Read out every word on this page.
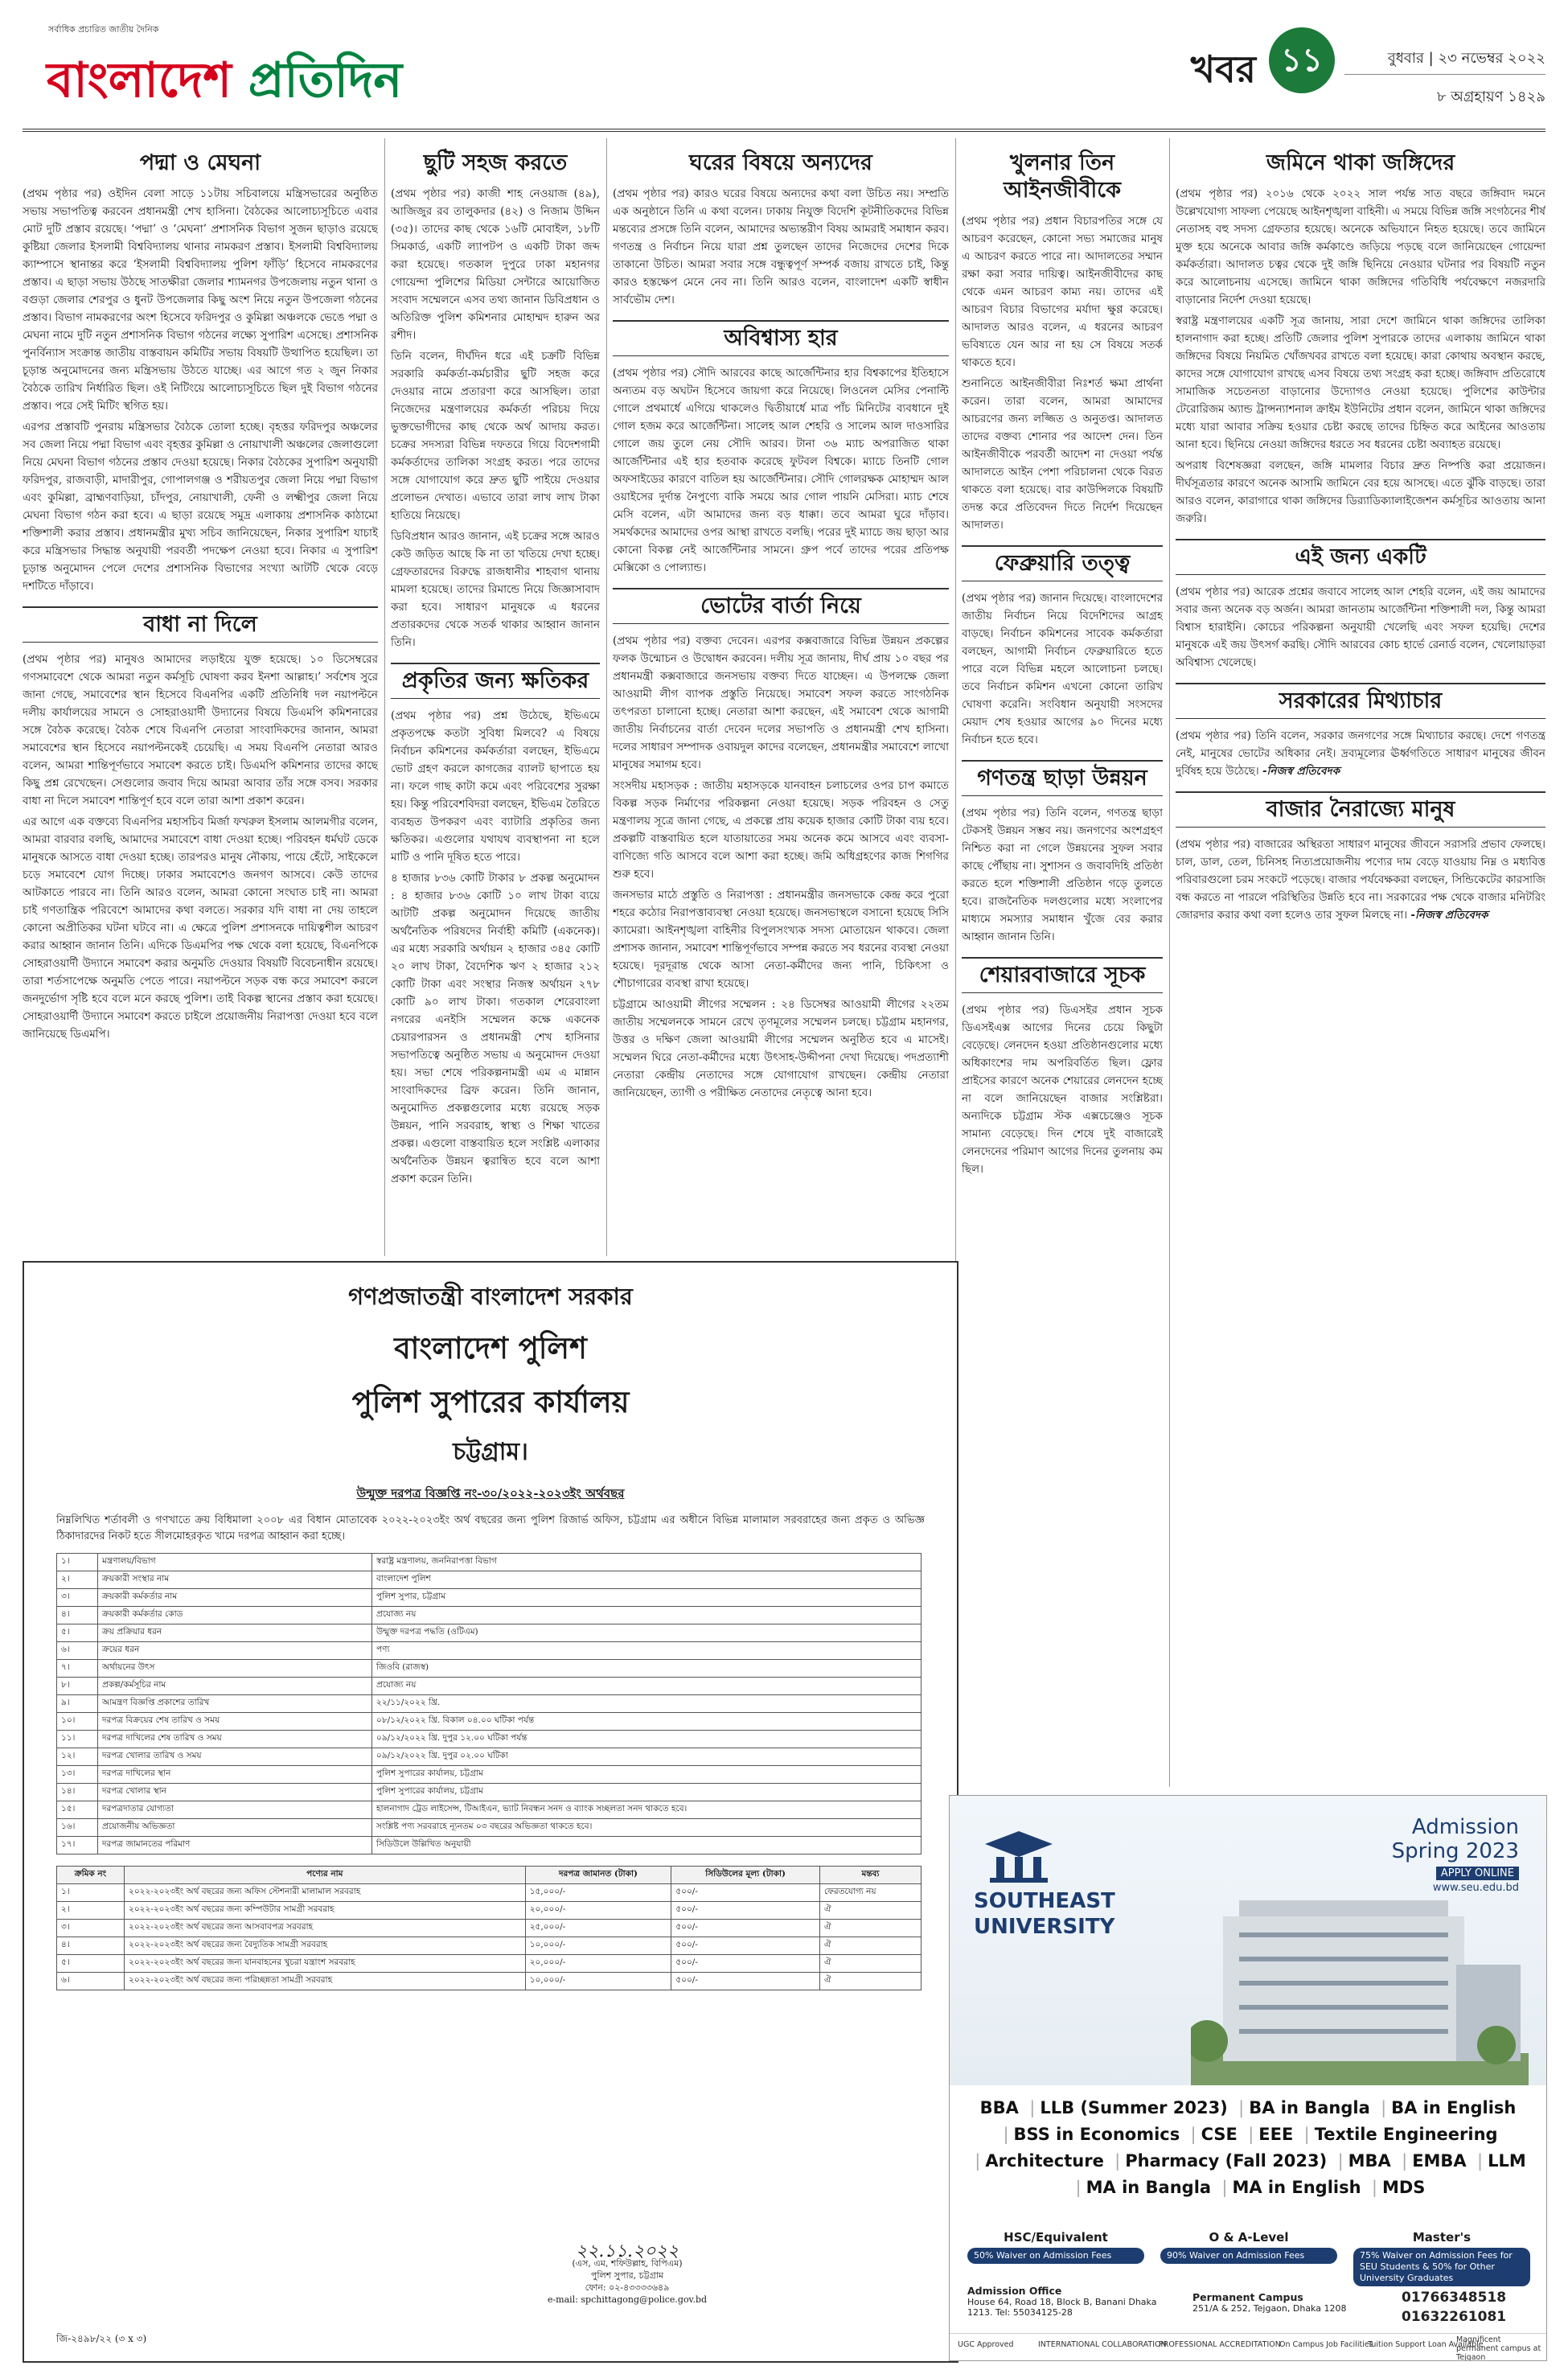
সর্বাধিক প্রচারিত জাতীয় দৈনিক
বাংলাদেশ প্রতিদিন	খবর ১১	বুধবার | ২৩ নভেম্বর ২০২২
৮ অগ্রহায়ণ ১৪২৯
পদ্মা ও মেঘনা

(প্রথম পৃষ্ঠার পর) ওইদিন বেলা সাড়ে ১১টায় সচিবালয়ে মন্ত্রিসভারের অনুষ্ঠিত সভায় সভাপতিত্ব করবেন প্রধানমন্ত্রী শেখ হাসিনা। বৈঠকের আলোচ্যসূচিতে এবার মোট দুটি প্রস্তাব রয়েছে। ‘পদ্মা’ ও ‘মেঘনা’ প্রশাসনিক বিভাগ সুজন ছাড়াও রয়েছে কুষ্টিয়া জেলার ইসলামী বিশ্ববিদ্যালয় থানার নামকরণ প্রস্তাব। ইসলামী বিশ্ববিদ্যালয় ক্যাম্পাসে স্থানান্তর করে ‘ইসলামী বিশ্ববিদ্যালয় পুলিশ ফাঁড়ি’ হিসেবে নামকরণের প্রস্তাব। এ ছাড়া সভায় উঠছে সাতক্ষীরা জেলার শ্যামনগর উপজেলায় নতুন থানা ও বগুড়া জেলার শেরপুর ও ধুনট উপজেলার কিছু অংশ নিয়ে নতুন উপজেলা গঠনের প্রস্তাব। বিভাগ নামকরণের অংশ হিসেবে ফরিদপুর ও কুমিল্লা অঞ্চলকে ভেঙে পদ্মা ও মেঘনা নামে দুটি নতুন প্রশাসনিক বিভাগ গঠনের লক্ষ্যে সুপারিশ এসেছে। প্রশাসনিক পুনর্বিন্যাস সংক্রান্ত জাতীয় বাস্তবায়ন কমিটির সভায় বিষয়টি উত্থাপিত হয়েছিল। তা চূড়ান্ত অনুমোদনের জন্য মন্ত্রিসভায় উঠতে যাচ্ছে। এর আগে গত ২ জুন নিকার বৈঠকে তারিখ নির্ধারিত ছিল। ওই নিটিংয়ে আলোচ্যসূচিতে ছিল দুই বিভাগ গঠনের প্রস্তাব। পরে সেই মিটিং স্থগিত হয়।

এরপর প্রস্তাবটি পুনরায় মন্ত্রিসভার বৈঠকে তোলা হচ্ছে। বৃহত্তর ফরিদপুর অঞ্চলের সব জেলা নিয়ে পদ্মা বিভাগ এবং বৃহত্তর কুমিল্লা ও নোয়াখালী অঞ্চলের জেলাগুলো নিয়ে মেঘনা বিভাগ গঠনের প্রস্তাব দেওয়া হয়েছে। নিকার বৈঠকের সুপারিশ অনুযায়ী ফরিদপুর, রাজবাড়ী, মাদারীপুর, গোপালগঞ্জ ও শরীয়তপুর জেলা নিয়ে পদ্মা বিভাগ এবং কুমিল্লা, ব্রাহ্মণবাড়িয়া, চাঁদপুর, নোয়াখালী, ফেনী ও লক্ষ্মীপুর জেলা নিয়ে মেঘনা বিভাগ গঠন করা হবে। এ ছাড়া রয়েছে সমুদ্র এলাকায় প্রশাসনিক কাঠামো শক্তিশালী করার প্রস্তাব। প্রধানমন্ত্রীর মুখ্য সচিব জানিয়েছেন, নিকার সুপারিশ যাচাই করে মন্ত্রিসভার সিদ্ধান্ত অনুযায়ী পরবর্তী পদক্ষেপ নেওয়া হবে। নিকার এ সুপারিশ চূড়ান্ত অনুমোদন পেলে দেশের প্রশাসনিক বিভাগের সংখ্যা আটটি থেকে বেড়ে দশটিতে দাঁড়াবে।

বাধা না দিলে

(প্রথম পৃষ্ঠার পর) মানুষও আমাদের লড়াইয়ে যুক্ত হয়েছে। ১০ ডিসেম্বরের গণসমাবেশে থেকে আমরা নতুন কর্মসূচি ঘোষণা করব ইনশা আল্লাহ।’ সর্বশেষ সুরে জানা গেছে, সমাবেশের স্থান হিসেবে বিএনপির একটি প্রতিনিধি দল নয়াপল্টনে দলীয় কার্যালয়ের সামনে ও সোহরাওয়ার্দী উদ্যানের বিষয়ে ডিএমপি কমিশনারের সঙ্গে বৈঠক করেছে। বৈঠক শেষে বিএনপি নেতারা সাংবাদিকদের জানান, আমরা সমাবেশের স্থান হিসেবে নয়াপল্টনকেই চেয়েছি। এ সময় বিএনপি নেতারা আরও বলেন, আমরা শান্তিপূর্ণভাবে সমাবেশ করতে চাই। ডিএমপি কমিশনার তাদের কাছে কিছু প্রশ্ন রেখেছেন। সেগুলোর জবাব দিয়ে আমরা আবার তাঁর সঙ্গে বসব। সরকার বাধা না দিলে সমাবেশ শান্তিপূর্ণ হবে বলে তারা আশা প্রকাশ করেন।

এর আগে এক বক্তব্যে বিএনপির মহাসচিব মির্জা ফখরুল ইসলাম আলমগীর বলেন, আমরা বারবার বলছি, আমাদের সমাবেশে বাধা দেওয়া হচ্ছে। পরিবহন ধর্মঘট ডেকে মানুষকে আসতে বাধা দেওয়া হচ্ছে। তারপরও মানুষ নৌকায়, পায়ে হেঁটে, সাইকেলে চড়ে সমাবেশে যোগ দিচ্ছে। ঢাকার সমাবেশেও জনগণ আসবে। কেউ তাদের আটকাতে পারবে না। তিনি আরও বলেন, আমরা কোনো সংঘাত চাই না। আমরা চাই গণতান্ত্রিক পরিবেশে আমাদের কথা বলতে। সরকার যদি বাধা না দেয় তাহলে কোনো অপ্রীতিকর ঘটনা ঘটবে না। এ ক্ষেত্রে পুলিশ প্রশাসনকে দায়িত্বশীল আচরণ করার আহ্বান জানান তিনি। এদিকে ডিএমপির পক্ষ থেকে বলা হয়েছে, বিএনপিকে সোহরাওয়ার্দী উদ্যানে সমাবেশ করার অনুমতি দেওয়ার বিষয়টি বিবেচনাধীন রয়েছে। তারা শর্তসাপেক্ষে অনুমতি পেতে পারে। নয়াপল্টনে সড়ক বন্ধ করে সমাবেশ করলে জনদুর্ভোগ সৃষ্টি হবে বলে মনে করছে পুলিশ। তাই বিকল্প স্থানের প্রস্তাব করা হয়েছে। সোহরাওয়ার্দী উদ্যানে সমাবেশ করতে চাইলে প্রয়োজনীয় নিরাপত্তা দেওয়া হবে বলে জানিয়েছে ডিএমপি।

ছুটি সহজ করতে

(প্রথম পৃষ্ঠার পর) কাজী শাহ নেওয়াজ (৪৯), আজিজুর রব তালুকদার (৪২) ও নিজাম উদ্দিন (৩৫)। তাদের কাছ থেকে ১৬টি মোবাইল, ১৮টি সিমকার্ড, একটি ল্যাপটপ ও একটি টাকা জব্দ করা হয়েছে। গতকাল দুপুরে ঢাকা মহানগর গোয়েন্দা পুলিশের মিডিয়া সেন্টারে আয়োজিত সংবাদ সম্মেলনে এসব তথ্য জানান ডিবিপ্রধান ও অতিরিক্ত পুলিশ কমিশনার মোহাম্মদ হারুন অর রশীদ।

তিনি বলেন, দীর্ঘদিন ধরে এই চক্রটি বিভিন্ন সরকারি কর্মকর্তা-কর্মচারীর ছুটি সহজ করে দেওয়ার নামে প্রতারণা করে আসছিল। তারা নিজেদের মন্ত্রণালয়ের কর্মকর্তা পরিচয় দিয়ে ভুক্তভোগীদের কাছ থেকে অর্থ আদায় করত। চক্রের সদস্যরা বিভিন্ন দফতরে গিয়ে বিদেশগামী কর্মকর্তাদের তালিকা সংগ্রহ করত। পরে তাদের সঙ্গে যোগাযোগ করে দ্রুত ছুটি পাইয়ে দেওয়ার প্রলোভন দেখাত। এভাবে তারা লাখ লাখ টাকা হাতিয়ে নিয়েছে।

ডিবিপ্রধান আরও জানান, এই চক্রের সঙ্গে আরও কেউ জড়িত আছে কি না তা খতিয়ে দেখা হচ্ছে। গ্রেফতারদের বিরুদ্ধে রাজধানীর শাহবাগ থানায় মামলা হয়েছে। তাদের রিমান্ডে নিয়ে জিজ্ঞাসাবাদ করা হবে। সাধারণ মানুষকে এ ধরনের প্রতারকদের থেকে সতর্ক থাকার আহ্বান জানান তিনি।

প্রকৃতির জন্য ক্ষতিকর

(প্রথম পৃষ্ঠার পর) প্রশ্ন উঠেছে, ইভিএমে প্রকৃতপক্ষে কতটা সুবিধা মিলবে? এ বিষয়ে নির্বাচন কমিশনের কর্মকর্তারা বলছেন, ইভিএমে ভোট গ্রহণ করলে কাগজের ব্যালট ছাপাতে হয় না। ফলে গাছ কাটা কমে এবং পরিবেশের সুরক্ষা হয়। কিন্তু পরিবেশবিদরা বলছেন, ইভিএম তৈরিতে ব্যবহৃত উপকরণ এবং ব্যাটারি প্রকৃতির জন্য ক্ষতিকর। এগুলোর যথাযথ ব্যবস্থাপনা না হলে মাটি ও পানি দূষিত হতে পারে।

৪ হাজার ৮৩৬ কোটি টাকার ৮ প্রকল্প অনুমোদন : ৪ হাজার ৮৩৬ কোটি ১০ লাখ টাকা ব্যয়ে আটটি প্রকল্প অনুমোদন দিয়েছে জাতীয় অর্থনৈতিক পরিষদের নির্বাহী কমিটি (একনেক)। এর মধ্যে সরকারি অর্থায়ন ২ হাজার ৩৪৫ কোটি ২০ লাখ টাকা, বৈদেশিক ঋণ ২ হাজার ২১২ কোটি টাকা এবং সংস্থার নিজস্ব অর্থায়ন ২৭৮ কোটি ৯০ লাখ টাকা। গতকাল শেরেবাংলা নগরের এনইসি সম্মেলন কক্ষে একনেক চেয়ারপারসন ও প্রধানমন্ত্রী শেখ হাসিনার সভাপতিত্বে অনুষ্ঠিত সভায় এ অনুমোদন দেওয়া হয়। সভা শেষে পরিকল্পনামন্ত্রী এম এ মান্নান সাংবাদিকদের ব্রিফ করেন। তিনি জানান, অনুমোদিত প্রকল্পগুলোর মধ্যে রয়েছে সড়ক উন্নয়ন, পানি সরবরাহ, স্বাস্থ্য ও শিক্ষা খাতের প্রকল্প। এগুলো বাস্তবায়িত হলে সংশ্লিষ্ট এলাকার অর্থনৈতিক উন্নয়ন ত্বরান্বিত হবে বলে আশা প্রকাশ করেন তিনি।

ঘরের বিষয়ে অন্যদের

(প্রথম পৃষ্ঠার পর) কারও ঘরের বিষয়ে অন্যদের কথা বলা উচিত নয়। সম্প্রতি এক অনুষ্ঠানে তিনি এ কথা বলেন। ঢাকায় নিযুক্ত বিদেশি কূটনীতিকদের বিভিন্ন মন্তব্যের প্রসঙ্গে তিনি বলেন, আমাদের অভ্যন্তরীণ বিষয় আমরাই সমাধান করব। গণতন্ত্র ও নির্বাচন নিয়ে যারা প্রশ্ন তুলছেন তাদের নিজেদের দেশের দিকে তাকানো উচিত। আমরা সবার সঙ্গে বন্ধুত্বপূর্ণ সম্পর্ক বজায় রাখতে চাই, কিন্তু কারও হস্তক্ষেপ মেনে নেব না। তিনি আরও বলেন, বাংলাদেশ একটি স্বাধীন সার্বভৌম দেশ।

অবিশ্বাস্য হার

(প্রথম পৃষ্ঠার পর) সৌদি আরবের কাছে আর্জেন্টিনার হার বিশ্বকাপের ইতিহাসে অন্যতম বড় অঘটন হিসেবে জায়গা করে নিয়েছে। লিওনেল মেসির পেনাল্টি গোলে প্রথমার্ধে এগিয়ে থাকলেও দ্বিতীয়ার্ধে মাত্র পাঁচ মিনিটের ব্যবধানে দুই গোল হজম করে আর্জেন্টিনা। সালেহ আল শেহরি ও সালেম আল দাওসারির গোলে জয় তুলে নেয় সৌদি আরব। টানা ৩৬ ম্যাচ অপরাজিত থাকা আর্জেন্টিনার এই হার হতবাক করেছে ফুটবল বিশ্বকে। ম্যাচে তিনটি গোল অফসাইডের কারণে বাতিল হয় আর্জেন্টিনার। সৌদি গোলরক্ষক মোহাম্মদ আল ওয়াইসের দুর্দান্ত নৈপুণ্যে বাকি সময়ে আর গোল পায়নি মেসিরা। ম্যাচ শেষে মেসি বলেন, এটা আমাদের জন্য বড় ধাক্কা। তবে আমরা ঘুরে দাঁড়াব। সমর্থকদের আমাদের ওপর আস্থা রাখতে বলছি। পরের দুই ম্যাচে জয় ছাড়া আর কোনো বিকল্প নেই আর্জেন্টিনার সামনে। গ্রুপ পর্বে তাদের পরের প্রতিপক্ষ মেক্সিকো ও পোল্যান্ড।

ভোটের বার্তা নিয়ে

(প্রথম পৃষ্ঠার পর) বক্তব্য দেবেন। এরপর কক্সবাজারে বিভিন্ন উন্নয়ন প্রকল্পের ফলক উন্মোচন ও উদ্বোধন করবেন। দলীয় সূত্র জানায়, দীর্ঘ প্রায় ১০ বছর পর প্রধানমন্ত্রী কক্সবাজারে জনসভায় বক্তব্য দিতে যাচ্ছেন। এ উপলক্ষে জেলা আওয়ামী লীগ ব্যাপক প্রস্তুতি নিয়েছে। সমাবেশ সফল করতে সাংগঠনিক তৎপরতা চালানো হচ্ছে। নেতারা আশা করছেন, এই সমাবেশ থেকে আগামী জাতীয় নির্বাচনের বার্তা দেবেন দলের সভাপতি ও প্রধানমন্ত্রী শেখ হাসিনা। দলের সাধারণ সম্পাদক ওবায়দুল কাদের বলেছেন, প্রধানমন্ত্রীর সমাবেশে লাখো মানুষের সমাগম হবে।

সংসদীয় মহাসড়ক : জাতীয় মহাসড়কে যানবাহন চলাচলের ওপর চাপ কমাতে বিকল্প সড়ক নির্মাণের পরিকল্পনা নেওয়া হয়েছে। সড়ক পরিবহন ও সেতু মন্ত্রণালয় সূত্রে জানা গেছে, এ প্রকল্পে প্রায় কয়েক হাজার কোটি টাকা ব্যয় হবে। প্রকল্পটি বাস্তবায়িত হলে যাতায়াতের সময় অনেক কমে আসবে এবং ব্যবসা-বাণিজ্যে গতি আসবে বলে আশা করা হচ্ছে। জমি অধিগ্রহণের কাজ শিগগির শুরু হবে।

জনসভার মাঠে প্রস্তুতি ও নিরাপত্তা : প্রধানমন্ত্রীর জনসভাকে কেন্দ্র করে পুরো শহরে কঠোর নিরাপত্তাব্যবস্থা নেওয়া হয়েছে। জনসভাস্থলে বসানো হয়েছে সিসি ক্যামেরা। আইনশৃঙ্খলা বাহিনীর বিপুলসংখ্যক সদস্য মোতায়েন থাকবে। জেলা প্রশাসক জানান, সমাবেশ শান্তিপূর্ণভাবে সম্পন্ন করতে সব ধরনের ব্যবস্থা নেওয়া হয়েছে। দূরদূরান্ত থেকে আসা নেতা-কর্মীদের জন্য পানি, চিকিৎসা ও শৌচাগারের ব্যবস্থা রাখা হয়েছে।

চট্টগ্রামে আওয়ামী লীগের সম্মেলন : ২৪ ডিসেম্বর আওয়ামী লীগের ২২তম জাতীয় সম্মেলনকে সামনে রেখে তৃণমূলের সম্মেলন চলছে। চট্টগ্রাম মহানগর, উত্তর ও দক্ষিণ জেলা আওয়ামী লীগের সম্মেলন অনুষ্ঠিত হবে এ মাসেই। সম্মেলন ঘিরে নেতা-কর্মীদের মধ্যে উৎসাহ-উদ্দীপনা দেখা দিয়েছে। পদপ্রত্যাশী নেতারা কেন্দ্রীয় নেতাদের সঙ্গে যোগাযোগ রাখছেন। কেন্দ্রীয় নেতারা জানিয়েছেন, ত্যাগী ও পরীক্ষিত নেতাদের নেতৃত্বে আনা হবে।

খুলনার তিন আইনজীবীকে

(প্রথম পৃষ্ঠার পর) প্রধান বিচারপতির সঙ্গে যে আচরণ করেছেন, কোনো সভ্য সমাজের মানুষ এ আচরণ করতে পারে না। আদালতের সম্মান রক্ষা করা সবার দায়িত্ব। আইনজীবীদের কাছ থেকে এমন আচরণ কাম্য নয়। তাদের এই আচরণ বিচার বিভাগের মর্যাদা ক্ষুণ্ণ করেছে। আদালত আরও বলেন, এ ধরনের আচরণ ভবিষ্যতে যেন আর না হয় সে বিষয়ে সতর্ক থাকতে হবে।

শুনানিতে আইনজীবীরা নিঃশর্ত ক্ষমা প্রার্থনা করেন। তারা বলেন, আমরা আমাদের আচরণের জন্য লজ্জিত ও অনুতপ্ত। আদালত তাদের বক্তব্য শোনার পর আদেশ দেন। তিন আইনজীবীকে পরবর্তী আদেশ না দেওয়া পর্যন্ত আদালতে আইন পেশা পরিচালনা থেকে বিরত থাকতে বলা হয়েছে। বার কাউন্সিলকে বিষয়টি তদন্ত করে প্রতিবেদন দিতে নির্দেশ দিয়েছেন আদালত।

ফেব্রুয়ারি তত্ত্ব

(প্রথম পৃষ্ঠার পর) জানান দিয়েছে। বাংলাদেশের জাতীয় নির্বাচন নিয়ে বিদেশিদের আগ্রহ বাড়ছে। নির্বাচন কমিশনের সাবেক কর্মকর্তারা বলছেন, আগামী নির্বাচন ফেব্রুয়ারিতে হতে পারে বলে বিভিন্ন মহলে আলোচনা চলছে। তবে নির্বাচন কমিশন এখনো কোনো তারিখ ঘোষণা করেনি। সংবিধান অনুযায়ী সংসদের মেয়াদ শেষ হওয়ার আগের ৯০ দিনের মধ্যে নির্বাচন হতে হবে।

গণতন্ত্র ছাড়া উন্নয়ন

(প্রথম পৃষ্ঠার পর) তিনি বলেন, গণতন্ত্র ছাড়া টেকসই উন্নয়ন সম্ভব নয়। জনগণের অংশগ্রহণ নিশ্চিত করা না গেলে উন্নয়নের সুফল সবার কাছে পৌঁছায় না। সুশাসন ও জবাবদিহি প্রতিষ্ঠা করতে হলে শক্তিশালী প্রতিষ্ঠান গড়ে তুলতে হবে। রাজনৈতিক দলগুলোর মধ্যে সংলাপের মাধ্যমে সমস্যার সমাধান খুঁজে বের করার আহ্বান জানান তিনি।

শেয়ারবাজারে সূচক

(প্রথম পৃষ্ঠার পর) ডিএসইর প্রধান সূচক ডিএসইএক্স আগের দিনের চেয়ে কিছুটা বেড়েছে। লেনদেন হওয়া প্রতিষ্ঠানগুলোর মধ্যে অধিকাংশের দাম অপরিবর্তিত ছিল। ফ্লোর প্রাইসের কারণে অনেক শেয়ারের লেনদেন হচ্ছে না বলে জানিয়েছেন বাজার সংশ্লিষ্টরা। অন্যদিকে চট্টগ্রাম স্টক এক্সচেঞ্জেও সূচক সামান্য বেড়েছে। দিন শেষে দুই বাজারেই লেনদেনের পরিমাণ আগের দিনের তুলনায় কম ছিল।

জমিনে থাকা জঙ্গিদের

(প্রথম পৃষ্ঠার পর) ২০১৬ থেকে ২০২২ সাল পর্যন্ত সাত বছরে জঙ্গিবাদ দমনে উল্লেখযোগ্য সাফল্য পেয়েছে আইনশৃঙ্খলা বাহিনী। এ সময়ে বিভিন্ন জঙ্গি সংগঠনের শীর্ষ নেতাসহ বহু সদস্য গ্রেফতার হয়েছে। অনেকে অভিযানে নিহত হয়েছে। তবে জামিনে মুক্ত হয়ে অনেকে আবার জঙ্গি কর্মকাণ্ডে জড়িয়ে পড়ছে বলে জানিয়েছেন গোয়েন্দা কর্মকর্তারা। আদালত চত্বর থেকে দুই জঙ্গি ছিনিয়ে নেওয়ার ঘটনার পর বিষয়টি নতুন করে আলোচনায় এসেছে। জামিনে থাকা জঙ্গিদের গতিবিধি পর্যবেক্ষণে নজরদারি বাড়ানোর নির্দেশ দেওয়া হয়েছে।

স্বরাষ্ট্র মন্ত্রণালয়ের একটি সূত্র জানায়, সারা দেশে জামিনে থাকা জঙ্গিদের তালিকা হালনাগাদ করা হচ্ছে। প্রতিটি জেলার পুলিশ সুপারকে তাদের এলাকায় জামিনে থাকা জঙ্গিদের বিষয়ে নিয়মিত খোঁজখবর রাখতে বলা হয়েছে। কারা কোথায় অবস্থান করছে, কাদের সঙ্গে যোগাযোগ রাখছে এসব বিষয়ে তথ্য সংগ্রহ করা হচ্ছে। জঙ্গিবাদ প্রতিরোধে সামাজিক সচেতনতা বাড়ানোর উদ্যোগও নেওয়া হয়েছে। পুলিশের কাউন্টার টেরোরিজম অ্যান্ড ট্রান্সন্যাশনাল ক্রাইম ইউনিটের প্রধান বলেন, জামিনে থাকা জঙ্গিদের মধ্যে যারা আবার সক্রিয় হওয়ার চেষ্টা করছে তাদের চিহ্নিত করে আইনের আওতায় আনা হবে। ছিনিয়ে নেওয়া জঙ্গিদের ধরতে সব ধরনের চেষ্টা অব্যাহত রয়েছে।

অপরাধ বিশেষজ্ঞরা বলছেন, জঙ্গি মামলার বিচার দ্রুত নিষ্পত্তি করা প্রয়োজন। দীর্ঘসূত্রতার কারণে অনেক আসামি জামিনে বের হয়ে আসছে। এতে ঝুঁকি বাড়ছে। তারা আরও বলেন, কারাগারে থাকা জঙ্গিদের ডির‌্যাডিক্যালাইজেশন কর্মসূচির আওতায় আনা জরুরি।

এই জন্য একটি

(প্রথম পৃষ্ঠার পর) আরেক প্রশ্নের জবাবে সালেহ আল শেহরি বলেন, এই জয় আমাদের সবার জন্য অনেক বড় অর্জন। আমরা জানতাম আর্জেন্টিনা শক্তিশালী দল, কিন্তু আমরা বিশ্বাস হারাইনি। কোচের পরিকল্পনা অনুযায়ী খেলেছি এবং সফল হয়েছি। দেশের মানুষকে এই জয় উৎসর্গ করছি। সৌদি আরবের কোচ হার্ভে রেনার্ড বলেন, খেলোয়াড়রা অবিশ্বাস্য খেলেছে।

সরকারের মিথ্যাচার

(প্রথম পৃষ্ঠার পর) তিনি বলেন, সরকার জনগণের সঙ্গে মিথ্যাচার করছে। দেশে গণতন্ত্র নেই, মানুষের ভোটের অধিকার নেই। দ্রব্যমূল্যের ঊর্ধ্বগতিতে সাধারণ মানুষের জীবন দুর্বিষহ হয়ে উঠেছে। -নিজস্ব প্রতিবেদক

বাজার নৈরাজ্যে মানুষ

(প্রথম পৃষ্ঠার পর) বাজারের অস্থিরতা সাধারণ মানুষের জীবনে সরাসরি প্রভাব ফেলছে। চাল, ডাল, তেল, চিনিসহ নিত্যপ্রয়োজনীয় পণ্যের দাম বেড়ে যাওয়ায় নিম্ন ও মধ্যবিত্ত পরিবারগুলো চরম সংকটে পড়েছে। বাজার পর্যবেক্ষকরা বলছেন, সিন্ডিকেটের কারসাজি বন্ধ করতে না পারলে পরিস্থিতির উন্নতি হবে না। সরকারের পক্ষ থেকে বাজার মনিটরিং জোরদার করার কথা বলা হলেও তার সুফল মিলছে না। -নিজস্ব প্রতিবেদক

গণপ্রজাতন্ত্রী বাংলাদেশ সরকার
বাংলাদেশ পুলিশ
পুলিশ সুপারের কার্যালয়
চট্টগ্রাম।
উন্মুক্ত দরপত্র বিজ্ঞপ্তি নং-৩০/২০২২-২০২৩ইং অর্থবছর
নিম্নলিখিত শর্তাবলী ও গণখাতে ক্রয় বিধিমালা ২০০৮ এর বিধান মোতাবেক ২০২২-২০২৩ইং অর্থ বছরের জন্য পুলিশ রিজার্ভ অফিস, চট্টগ্রাম এর অধীনে বিভিন্ন মালামাল সরবরাহের জন্য প্রকৃত ও অভিজ্ঞ ঠিকাদারদের নিকট হতে সীলমোহরকৃত খামে দরপত্র আহ্বান করা হচ্ছে।
১।	মন্ত্রণালয়/বিভাগ	স্বরাষ্ট্র মন্ত্রণালয়, জননিরাপত্তা বিভাগ
২।	ক্রয়কারী সংস্থার নাম	বাংলাদেশ পুলিশ
৩।	ক্রয়কারী কর্মকর্তার নাম	পুলিশ সুপার, চট্টগ্রাম
৪।	ক্রয়কারী কর্মকর্তার কোড	প্রযোজ্য নয়
৫।	ক্রয় প্রক্রিয়ার ধরন	উন্মুক্ত দরপত্র পদ্ধতি (ওটিএম)
৬।	ক্রয়ের ধরন	পণ্য
৭।	অর্থায়নের উৎস	জিওবি (রাজস্ব)
৮।	প্রকল্প/কর্মসূচির নাম	প্রযোজ্য নয়
৯।	আমন্ত্রণ বিজ্ঞপ্তি প্রকাশের তারিখ	২২/১১/২০২২ খ্রি.
১০।	দরপত্র বিক্রয়ের শেষ তারিখ ও সময়	০৮/১২/২০২২ খ্রি. বিকাল ০৪.০০ ঘটিকা পর্যন্ত
১১।	দরপত্র দাখিলের শেষ তারিখ ও সময়	০৯/১২/২০২২ খ্রি. দুপুর ১২.০০ ঘটিকা পর্যন্ত
১২।	দরপত্র খোলার তারিখ ও সময়	০৯/১২/২০২২ খ্রি. দুপুর ০২.০০ ঘটিকা
১৩।	দরপত্র দাখিলের স্থান	পুলিশ সুপারের কার্যালয়, চট্টগ্রাম
১৪।	দরপত্র খোলার স্থান	পুলিশ সুপারের কার্যালয়, চট্টগ্রাম
১৫।	দরপত্রদাতার যোগ্যতা	হালনাগাদ ট্রেড লাইসেন্স, টিআইএন, ভ্যাট নিবন্ধন সনদ ও ব্যাংক সচ্ছলতা সনদ থাকতে হবে।
১৬।	প্রয়োজনীয় অভিজ্ঞতা	সংশ্লিষ্ট পণ্য সরবরাহে ন্যূনতম ০৩ বছরের অভিজ্ঞতা থাকতে হবে।
১৭।	দরপত্র জামানতের পরিমাণ	সিডিউলে উল্লিখিত অনুযায়ী
ক্রমিক নং	পণ্যের নাম	দরপত্র জামানত (টাকা)	সিডিউলের মূল্য (টাকা)	মন্তব্য
১।	২০২২-২০২৩ইং অর্থ বছরের জন্য অফিস স্টেশনারী মালামাল সরবরাহ	১৫,০০০/-	৫০০/-	ফেরতযোগ্য নয়
২।	২০২২-২০২৩ইং অর্থ বছরের জন্য কম্পিউটার সামগ্রী সরবরাহ	২০,০০০/-	৫০০/-	ঐ
৩।	২০২২-২০২৩ইং অর্থ বছরের জন্য আসবাবপত্র সরবরাহ	২৫,০০০/-	৫০০/-	ঐ
৪।	২০২২-২০২৩ইং অর্থ বছরের জন্য বৈদ্যুতিক সামগ্রী সরবরাহ	১০,০০০/-	৫০০/-	ঐ
৫।	২০২২-২০২৩ইং অর্থ বছরের জন্য যানবাহনের খুচরা যন্ত্রাংশ সরবরাহ	২০,০০০/-	৫০০/-	ঐ
৬।	২০২২-২০২৩ইং অর্থ বছরের জন্য পরিচ্ছন্নতা সামগ্রী সরবরাহ	১০,০০০/-	৫০০/-	ঐ
২২.১১.২০২২
(এস, এম, শফিউল্লাহ, বিপিএম)
পুলিশ সুপার, চট্টগ্রাম
ফোন: ০২-৪৩৩৩৩৬৪৯
e-mail: spchittagong@police.gov.bd
জি-২৪৯৮/২২ (৩ x ৩)
SOUTHEAST
UNIVERSITY
Admission
Spring 2023
APPLY ONLINE
www.seu.edu.bd
BBA | LLB (Summer 2023) | BA in Bangla | BA in English | BSS in Economics | CSE | EEE | Textile Engineering | Architecture | Pharmacy (Fall 2023) | MBA | EMBA | LLM | MA in Bangla | MA in English | MDS
HSC/Equivalent
50% Waiver on Admission Fees
O & A-Level
90% Waiver on Admission Fees
Master's
75% Waiver on Admission Fees for SEU Students & 50% for Other University Graduates
Admission Office
House 64, Road 18, Block B, Banani Dhaka 1213. Tel: 55034125-28
Permanent Campus
251/A & 252, Tejgaon, Dhaka 1208
01766348518
01632261081
UGC Approved	INTERNATIONAL COLLABORATION
PROFESSIONAL ACCREDITATION
On Campus Job Facilities
Tuition Support Loan Available
Magnificent permanent campus at Tejgaon
